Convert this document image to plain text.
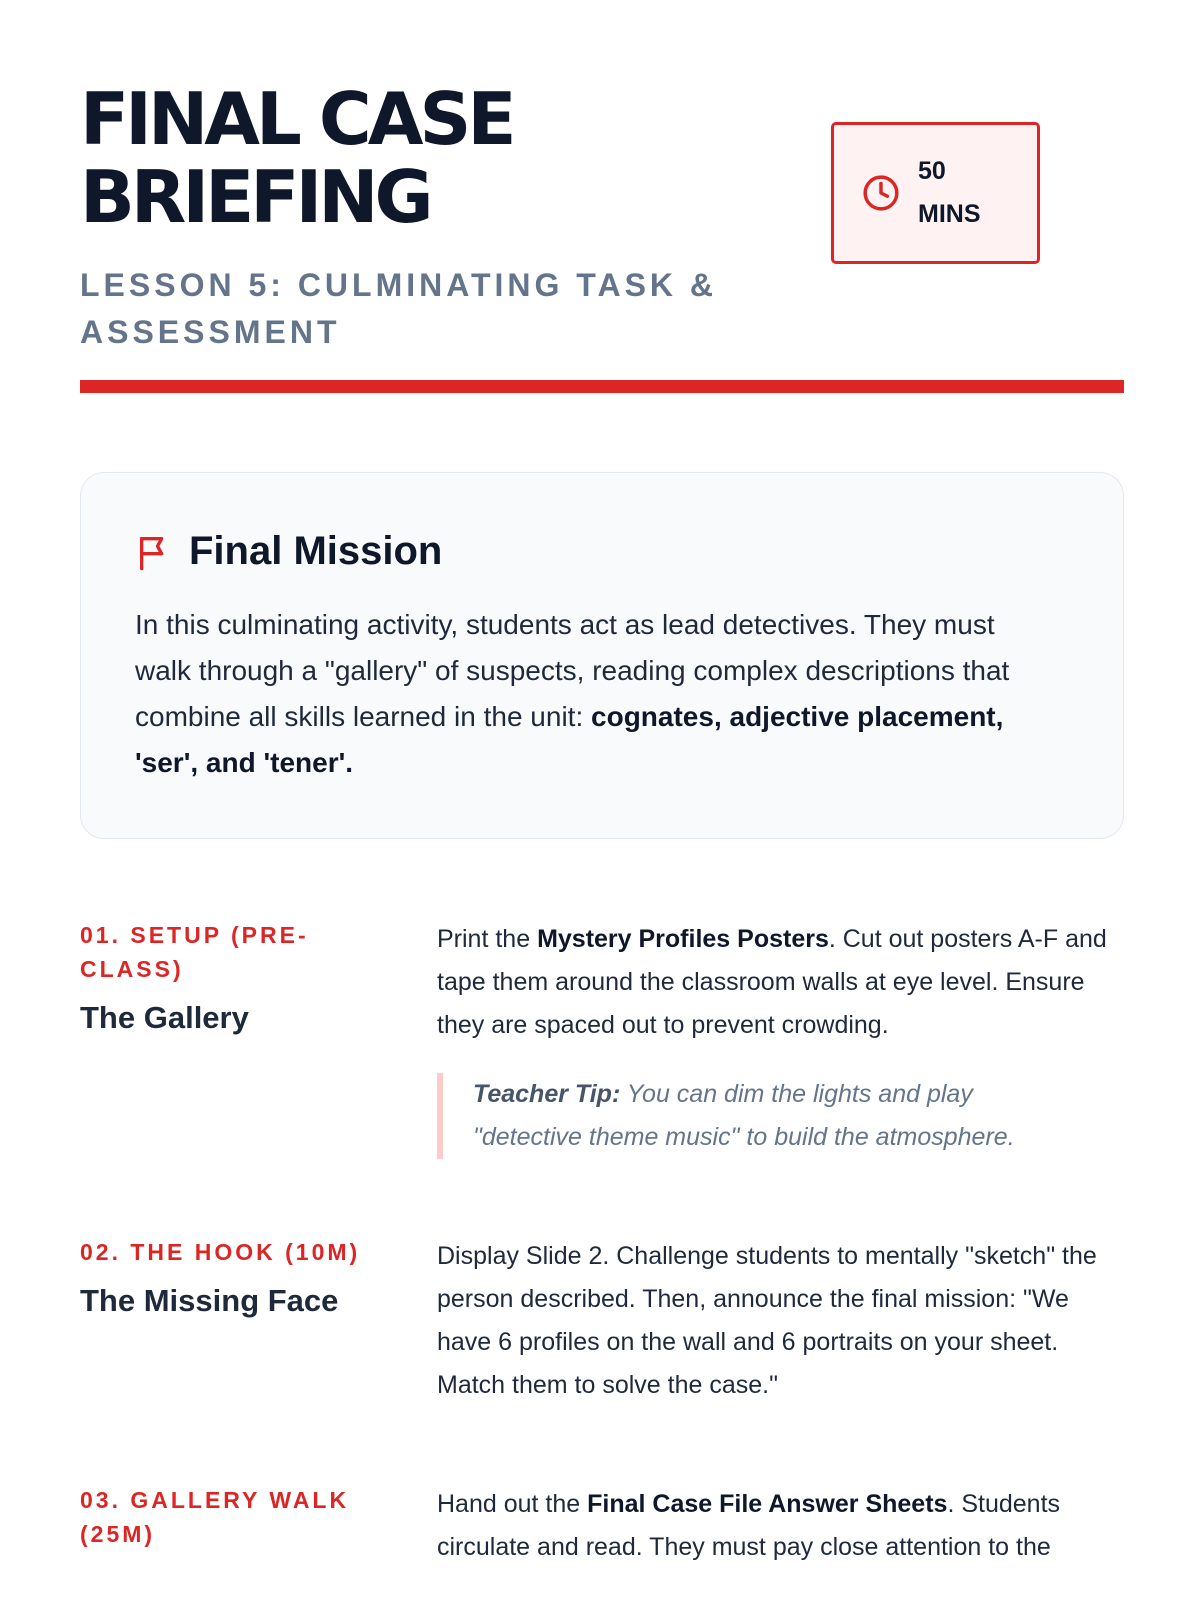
FINAL CASE BRIEFING
LESSON 5: CULMINATING TASK & ASSESSMENT
50 MINS
Final Mission

In this culminating activity, students act as lead detectives. They must walk through a "gallery" of suspects, reading complex descriptions that combine all skills learned in the unit: cognates, adjective placement, 'ser', and 'tener'.

01. SETUP (PRE-CLASS)
The Gallery

Print the Mystery Profiles Posters. Cut out posters A-F and tape them around the classroom walls at eye level. Ensure they are spaced out to prevent crowding.

Teacher Tip: You can dim the lights and play "detective theme music" to build the atmosphere.
02. THE HOOK (10M)
The Missing Face

Display Slide 2. Challenge students to mentally "sketch" the person described. Then, announce the final mission: "We have 6 profiles on the wall and 6 portraits on your sheet. Match them to solve the case."

03. GALLERY WALK (25M)

Hand out the Final Case File Answer Sheets. Students circulate and read. They must pay close attention to the
